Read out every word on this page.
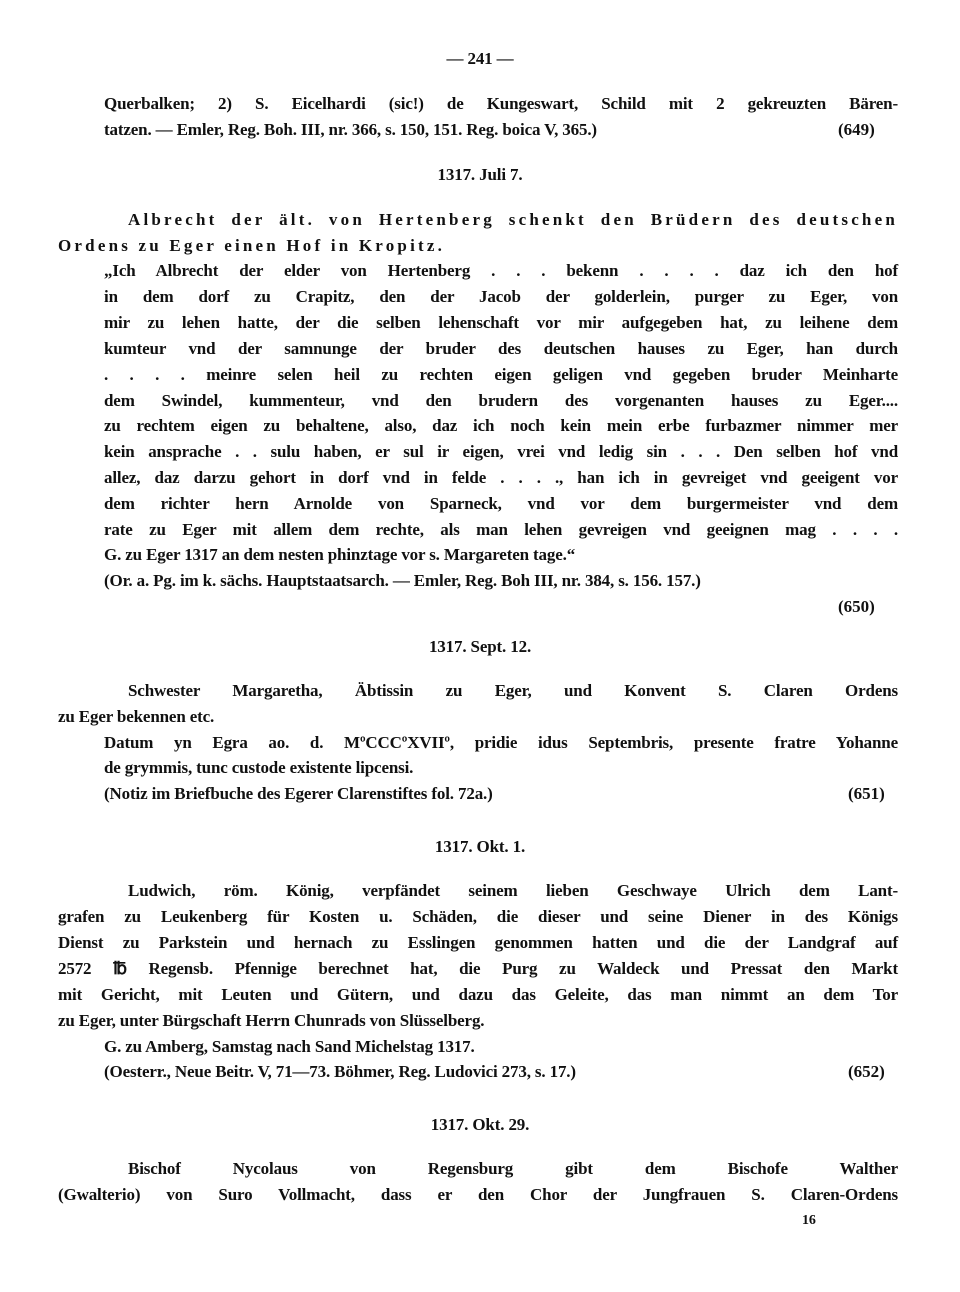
— 241 —
Querbalken; 2) S. Eicelhardi (sic!) de Kungeswart, Schild mit 2 gekreuzten Bären-
tatzen. — Emler, Reg. Boh. III, nr. 366, s. 150, 151. Reg. boica V, 365.)	(649)
1317. Juli 7.
Albrecht der ält. von Hertenberg schenkt den Brüdern des deutschen
Ordens zu Eger einen Hof in Kropitz.
„Ich Albrecht der elder von Hertenberg . . . bekenn . . . . daz ich den hof
in dem dorf zu Crapitz, den der Jacob der golderlein, purger zu Eger, von
mir zu lehen hatte, der die selben lehenschaft vor mir aufgegeben hat, zu leihene dem
kumteur vnd der samnunge der bruder des deutschen hauses zu Eger, han durch
. . . . meinre selen heil zu rechten eigen geligen vnd gegeben bruder Meinharte
dem Swindel, kummenteur, vnd den brudern des vorgenanten hauses zu Eger....
zu rechtem eigen zu behaltene, also, daz ich noch kein mein erbe furbazmer nimmer mer
kein ansprache . . sulu haben, er sul ir eigen, vrei vnd ledig sin . . . Den selben hof vnd
allez, daz darzu gehort in dorf vnd in felde . . . ., han ich in gevreiget vnd geeigent vor
dem richter hern Arnolde von Sparneck, vnd vor dem burgermeister vnd dem
rate zu Eger mit allem dem rechte, als man lehen gevreigen vnd geeignen mag . . . .
G. zu Eger 1317 an dem nesten phinztage vor s. Margareten tage.“
(Or. a. Pg. im k. sächs. Hauptstaatsarch. — Emler, Reg. Boh III, nr. 384, s. 156. 157.)
(650)
1317. Sept. 12.
Schwester Margaretha, Äbtissin zu Eger, und Konvent S. Claren Ordens
zu Eger bekennen etc.
Datum yn Egra ao. d. MºCCCºXVIIº, pridie idus Septembris, presente fratre Yohanne
de grymmis, tunc custode existente lipcensi.
(Notiz im Briefbuche des Egerer Clarenstiftes fol. 72a.)	(651)
1317. Okt. 1.
Ludwich, röm. König, verpfändet seinem lieben Geschwaye Ulrich dem Lant-
grafen zu Leukenberg für Kosten u. Schäden, die dieser und seine Diener in des Königs
Dienst zu Parkstein und hernach zu Esslingen genommen hatten und die der Landgraf auf
2572 ℔ Regensb. Pfennige berechnet hat, die Purg zu Waldeck und Pressat den Markt
mit Gericht, mit Leuten und Gütern, und dazu das Geleite, das man nimmt an dem Tor
zu Eger, unter Bürgschaft Herrn Chunrads von Slüsselberg.
G. zu Amberg, Samstag nach Sand Michelstag 1317.
(Oesterr., Neue Beitr. V, 71—73. Böhmer, Reg. Ludovici 273, s. 17.)	(652)
1317. Okt. 29.
Bischof Nycolaus von Regensburg gibt dem Bischofe Walther
(Gwalterio) von Suro Vollmacht, dass er den Chor der Jungfrauen S. Claren-Ordens
16
